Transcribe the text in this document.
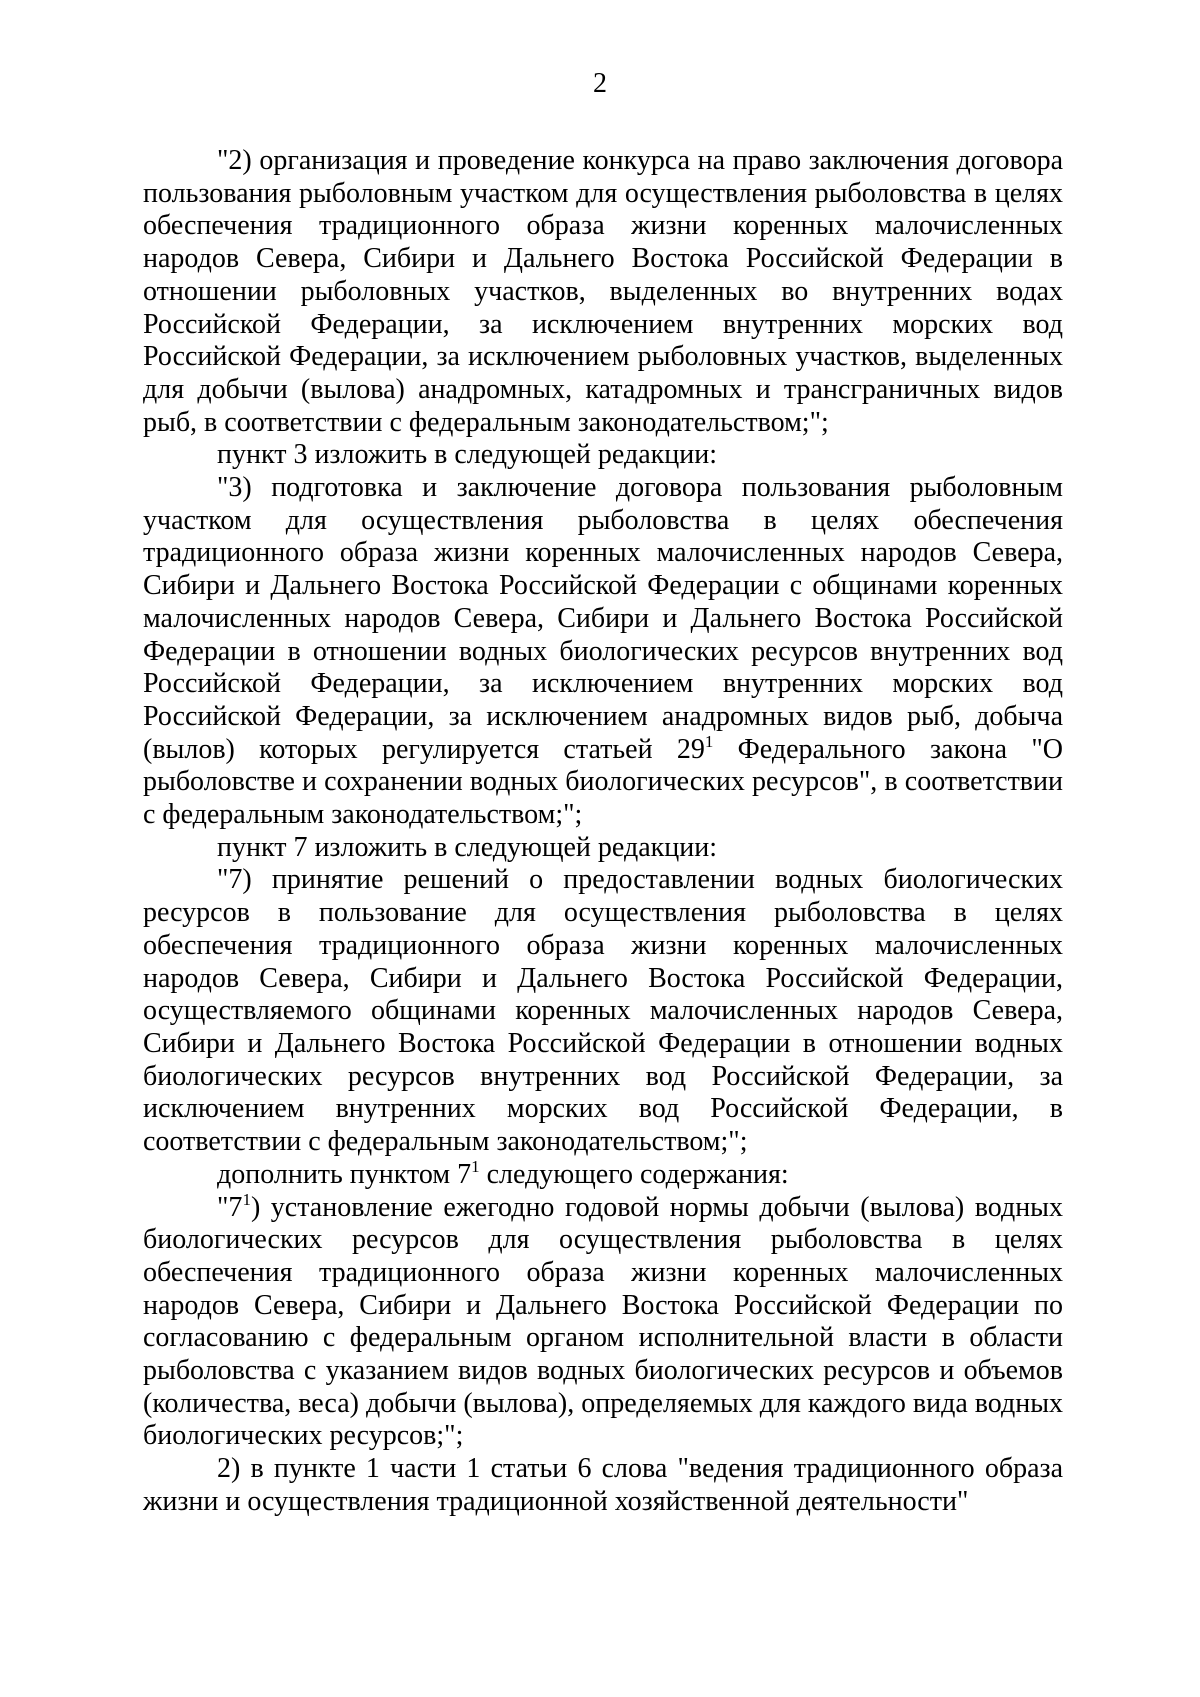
2

"2) организация и проведение конкурса на право заключения договора пользования рыболовным участком для осуществления рыболовства в целях обеспечения традиционного образа жизни коренных малочисленных народов Севера, Сибири и Дальнего Востока Российской Федерации в отношении рыболовных участков, выделенных во внутренних водах Российской Федерации, за исключением внутренних морских вод Российской Федерации, за исключением рыболовных участков, выделенных для добычи (вылова) анадромных, катадромных и трансграничных видов рыб, в соответствии с федеральным законодательством;";

пункт 3 изложить в следующей редакции:

"3) подготовка и заключение договора пользования рыболовным участком для осуществления рыболовства в целях обеспечения традиционного образа жизни коренных малочисленных народов Севера, Сибири и Дальнего Востока Российской Федерации с общинами коренных малочисленных народов Севера, Сибири и Дальнего Востока Российской Федерации в отношении водных биологических ресурсов внутренних вод Российской Федерации, за исключением внутренних морских вод Российской Федерации, за исключением анадромных видов рыб, добыча (вылов) которых регулируется статьей $29^1$ Федерального закона "О рыболовстве и сохранении водных биологических ресурсов", в соответствии с федеральным законодательством;";

пункт 7 изложить в следующей редакции:

"7) принятие решений о предоставлении водных биологических ресурсов в пользование для осуществления рыболовства в целях обеспечения традиционного образа жизни коренных малочисленных народов Севера, Сибири и Дальнего Востока Российской Федерации, осуществляемого общинами коренных малочисленных народов Севера, Сибири и Дальнего Востока Российской Федерации в отношении водных биологических ресурсов внутренних вод Российской Федерации, за исключением внутренних морских вод Российской Федерации, в соответствии с федеральным законодательством;";

дополнить пунктом $7^1$ следующего содержания:

"$7^1$) установление ежегодно годовой нормы добычи (вылова) водных биологических ресурсов для осуществления рыболовства в целях обеспечения традиционного образа жизни коренных малочисленных народов Севера, Сибири и Дальнего Востока Российской Федерации по согласованию с федеральным органом исполнительной власти в области рыболовства с указанием видов водных биологических ресурсов и объемов (количества, веса) добычи (вылова), определяемых для каждого вида водных биологических ресурсов;";

2) в пункте 1 части 1 статьи 6 слова "ведения традиционного образа жизни и осуществления традиционной хозяйственной деятельности"
